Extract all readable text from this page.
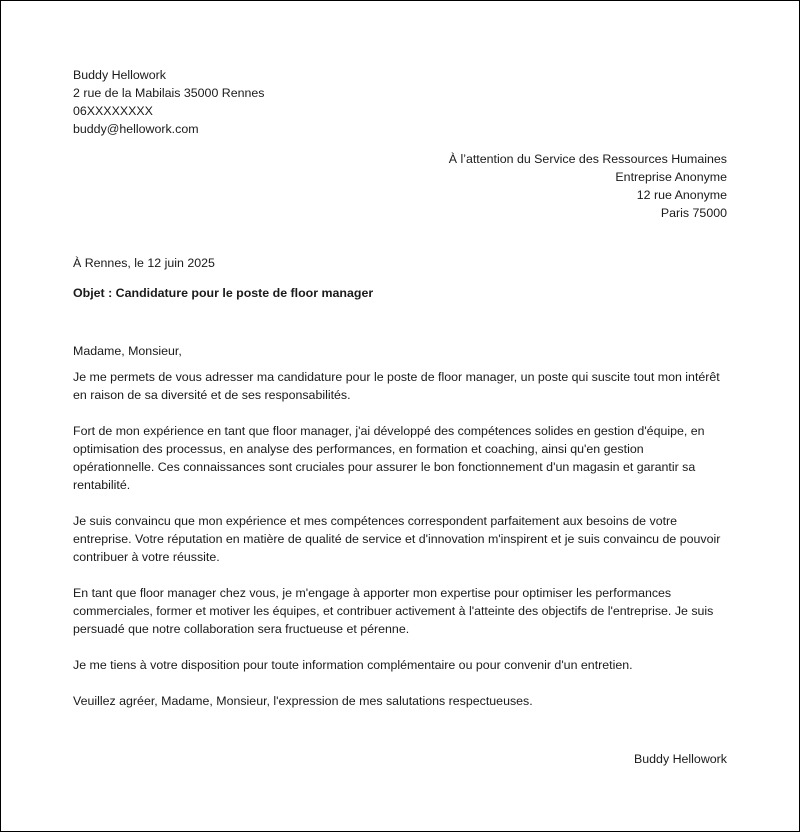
Buddy Hellowork
2 rue de la Mabilais 35000 Rennes
06XXXXXXXX
buddy@hellowork.com
À l’attention du Service des Ressources Humaines
Entreprise Anonyme
12 rue Anonyme
Paris 75000
À Rennes, le 12 juin 2025
Objet : Candidature pour le poste de floor manager

Madame, Monsieur,

Je me permets de vous adresser ma candidature pour le poste de floor manager, un poste qui suscite tout mon intérêt en raison de sa diversité et de ses responsabilités.

Fort de mon expérience en tant que floor manager, j'ai développé des compétences solides en gestion d'équipe, en optimisation des processus, en analyse des performances, en formation et coaching, ainsi qu'en gestion opérationnelle. Ces connaissances sont cruciales pour assurer le bon fonctionnement d'un magasin et garantir sa rentabilité.

Je suis convaincu que mon expérience et mes compétences correspondent parfaitement aux besoins de votre entreprise. Votre réputation en matière de qualité de service et d'innovation m'inspirent et je suis convaincu de pouvoir contribuer à votre réussite.

En tant que floor manager chez vous, je m'engage à apporter mon expertise pour optimiser les performances commerciales, former et motiver les équipes, et contribuer activement à l'atteinte des objectifs de l'entreprise. Je suis persuadé que notre collaboration sera fructueuse et pérenne.

Je me tiens à votre disposition pour toute information complémentaire ou pour convenir d'un entretien.

Veuillez agréer, Madame, Monsieur, l'expression de mes salutations respectueuses.

Buddy Hellowork
